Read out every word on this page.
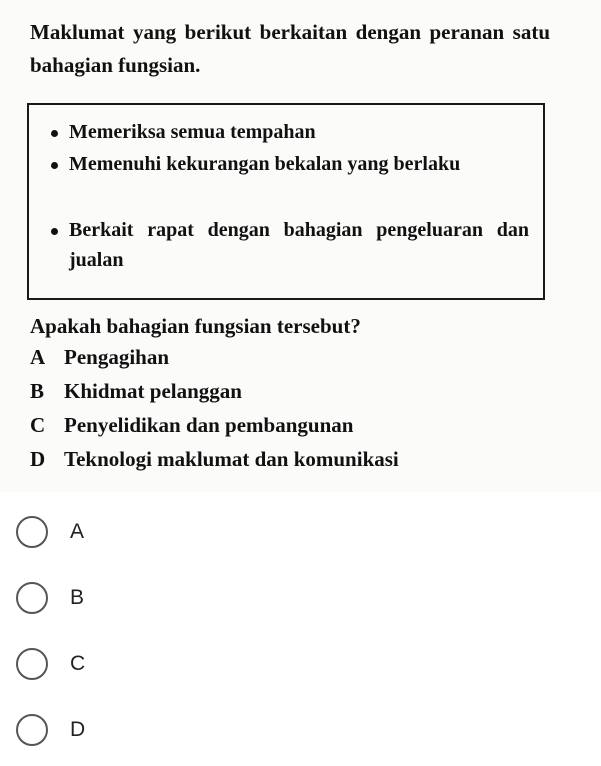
Maklumat yang berikut berkaitan dengan peranan satu bahagian fungsian.
Memeriksa semua tempahan
Memenuhi kekurangan bekalan yang berlaku
Berkait rapat dengan bahagian pengeluaran dan jualan
Apakah bahagian fungsian tersebut?
A Pengagihan
B Khidmat pelanggan
C Penyelidikan dan pembangunan
D Teknologi maklumat dan komunikasi
A
B
C
D
